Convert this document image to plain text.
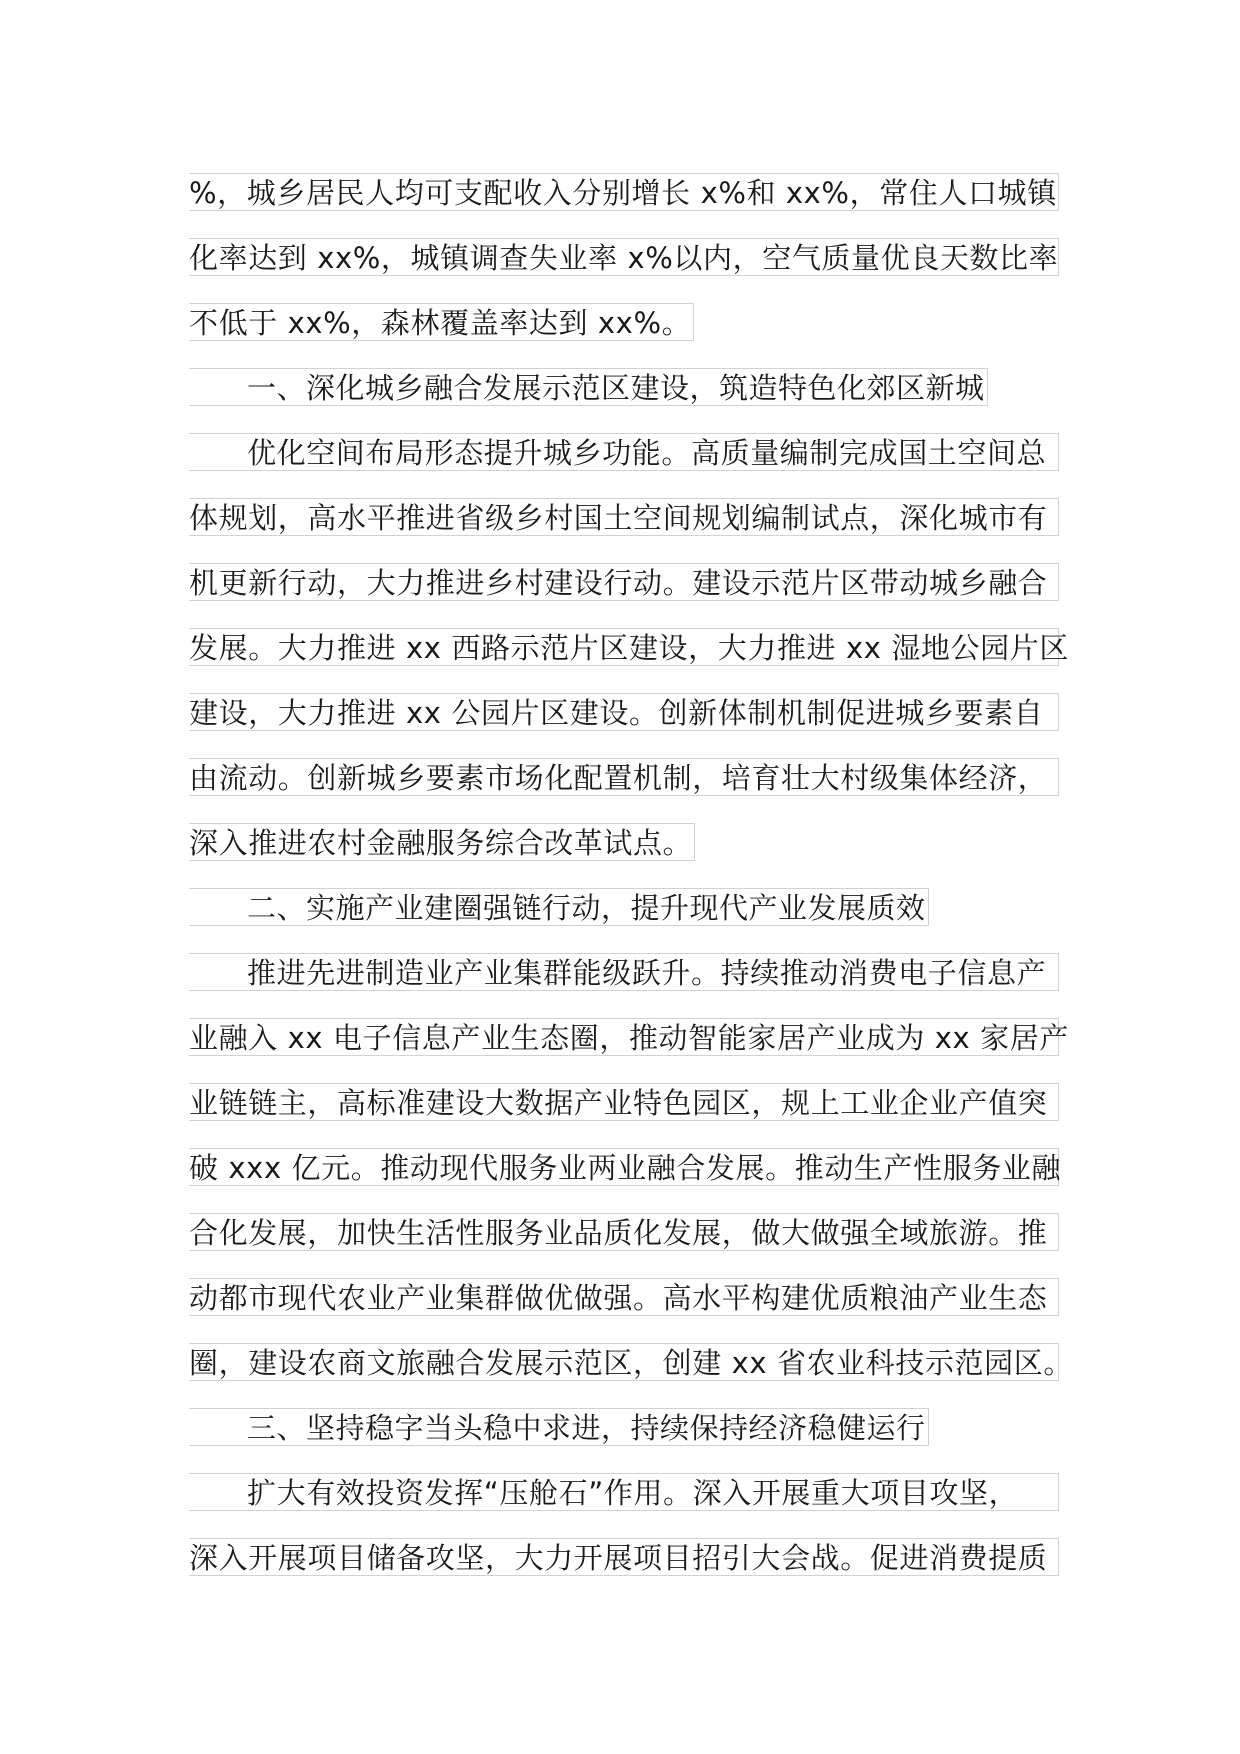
%，城乡居民人均可支配收入分别增长 x%和 xx%，常住人口城镇
化率达到 xx%，城镇调查失业率 x%以内，空气质量优良天数比率
不低于 xx%，森林覆盖率达到 xx%。
一、深化城乡融合发展示范区建设，筑造特色化郊区新城
优化空间布局形态提升城乡功能。高质量编制完成国土空间总
体规划，高水平推进省级乡村国土空间规划编制试点，深化城市有
机更新行动，大力推进乡村建设行动。建设示范片区带动城乡融合
发展。大力推进 xx 西路示范片区建设，大力推进 xx 湿地公园片区
建设，大力推进 xx 公园片区建设。创新体制机制促进城乡要素自
由流动。创新城乡要素市场化配置机制，培育壮大村级集体经济，
深入推进农村金融服务综合改革试点。
二、实施产业建圈强链行动，提升现代产业发展质效
推进先进制造业产业集群能级跃升。持续推动消费电子信息产
业融入 xx 电子信息产业生态圈，推动智能家居产业成为 xx 家居产
业链链主，高标准建设大数据产业特色园区，规上工业企业产值突
破 xxx 亿元。推动现代服务业两业融合发展。推动生产性服务业融
合化发展，加快生活性服务业品质化发展，做大做强全域旅游。推
动都市现代农业产业集群做优做强。高水平构建优质粮油产业生态
圈，建设农商文旅融合发展示范区，创建 xx 省农业科技示范园区。
三、坚持稳字当头稳中求进，持续保持经济稳健运行
扩大有效投资发挥“压舱石”作用。深入开展重大项目攻坚，
深入开展项目储备攻坚，大力开展项目招引大会战。促进消费提质
